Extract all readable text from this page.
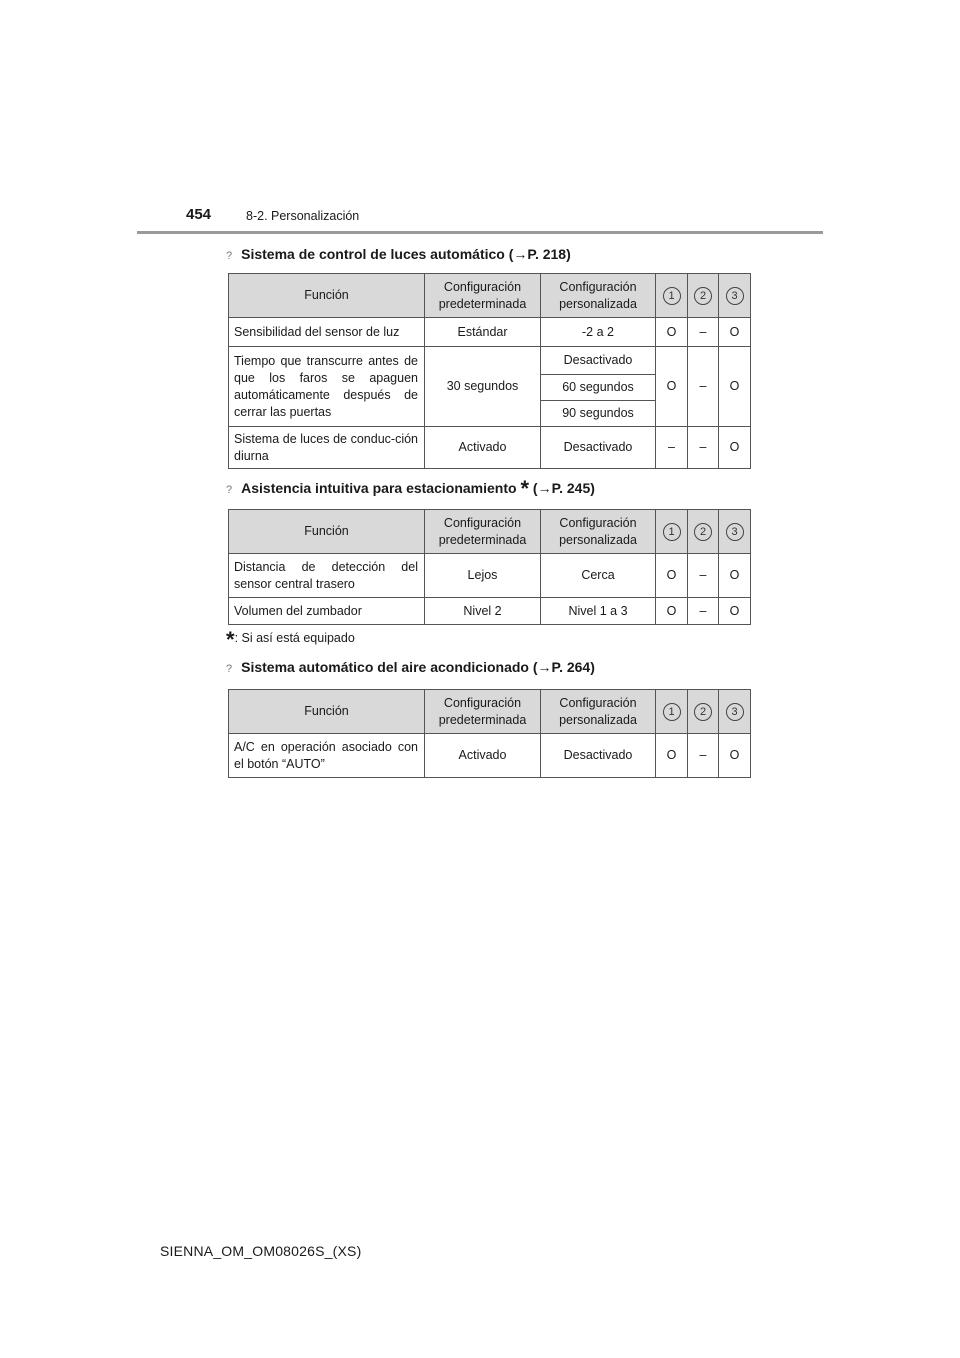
454	8-2. Personalización
? Sistema de control de luces automático (→P. 218)
Función	Configuración predeterminada	Configuración personalizada	1	2	3
Sensibilidad del sensor de luz	Estándar	-2 a 2	O	–	O
Tiempo que transcurre antes de que los faros se apaguen automáticamente después de cerrar las puertas	30 segundos	Desactivado	O	–	O
		60 segundos			
		90 segundos			
Sistema de luces de conduc-ción diurna	Activado	Desactivado	–	–	O
? Asistencia intuitiva para estacionamiento * (→P. 245)
Función	Configuración predeterminada	Configuración personalizada	1	2	3
Distancia de detección del sensor central trasero	Lejos	Cerca	O	–	O
Volumen del zumbador	Nivel 2	Nivel 1 a 3	O	–	O
*: Si así está equipado
? Sistema automático del aire acondicionado (→P. 264)
Función	Configuración predeterminada	Configuración personalizada	1	2	3
A/C en operación asociado con el botón “AUTO”	Activado	Desactivado	O	–	O
SIENNA_OM_OM08026S_(XS)
